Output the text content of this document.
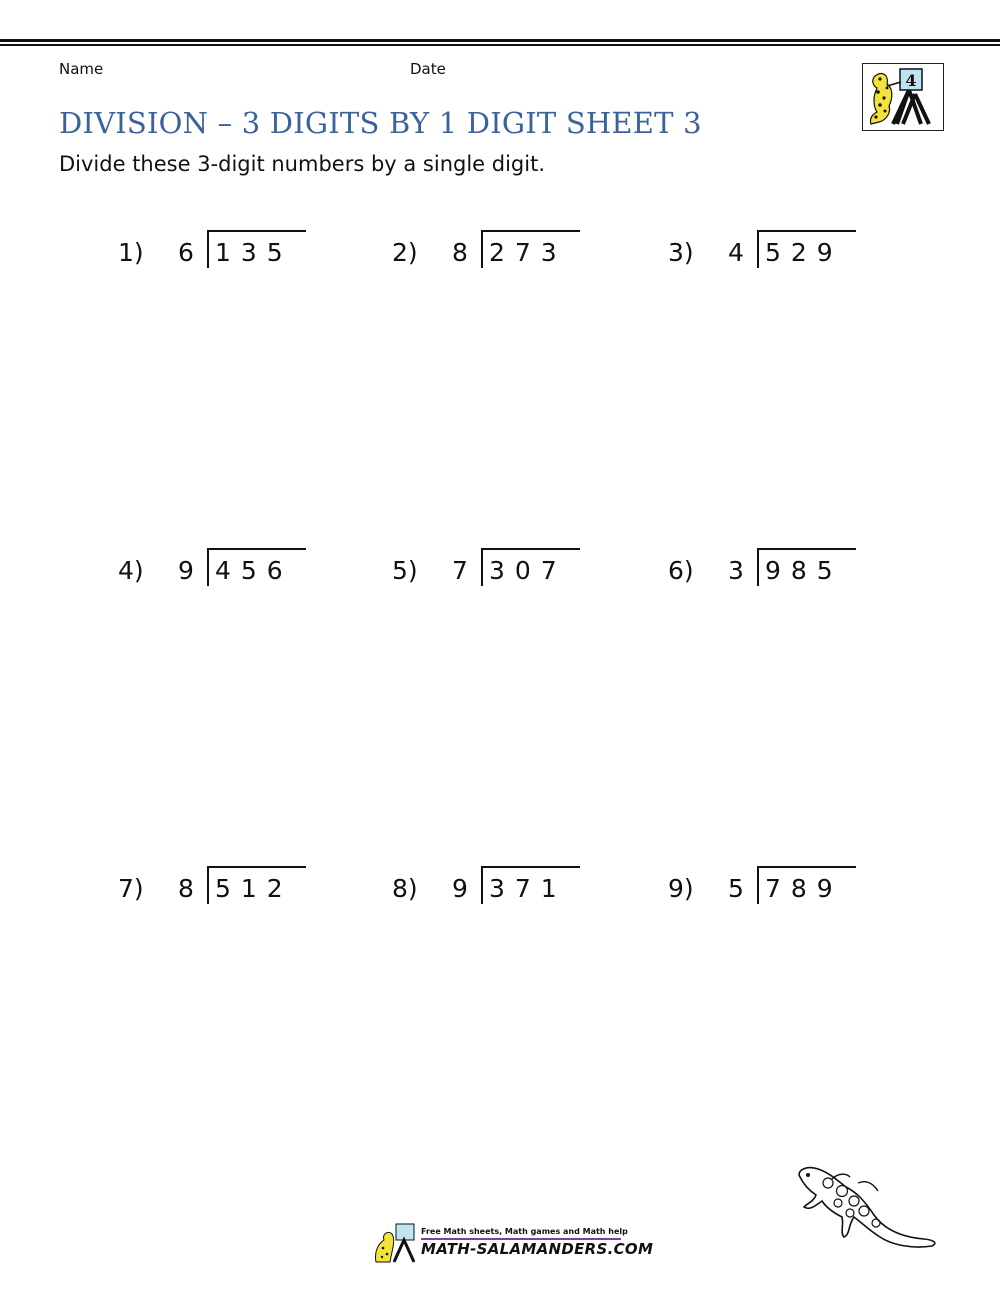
Name	Date
4
DIVISION – 3 DIGITS BY 1 DIGIT SHEET 3
Divide these 3-digit numbers by a single digit.
1) 6 135	2) 8 273	3) 4 529
4) 9 456	5) 7 307	6) 3 985
7) 8 512	8) 9 371	9) 5 789
Free Math sheets, Math games and Math help
MATH-SALAMANDERS.COM
